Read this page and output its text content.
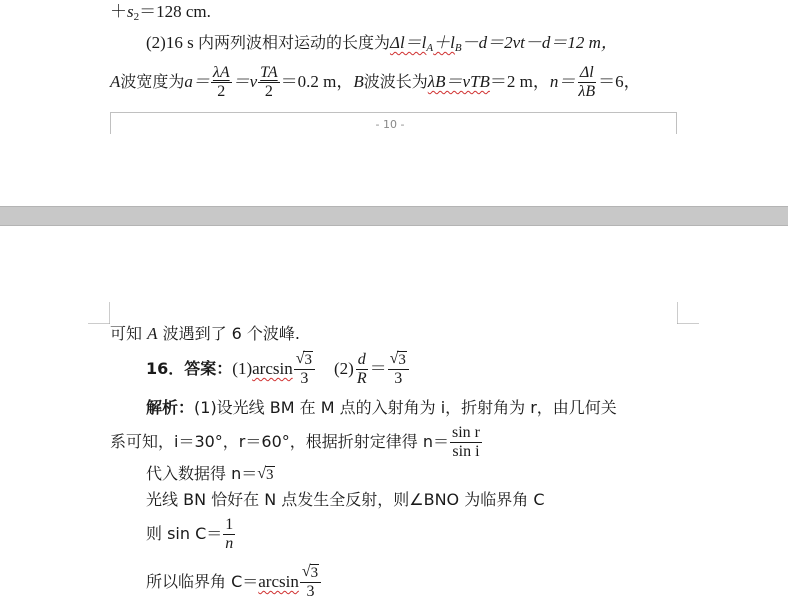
$+s_2=128$ cm.
(2)16 s 内两列波相对运动的长度为$\Delta l=l_A+l_B-d=2vt-d=12$ m，
A 波宽度为 $a= \frac{\lambda A}{2} =v \frac{TA}{2} =0.2$ m， B 波波长为 λB＝vTB ＝2 m， $n= \frac{\Delta l}{\lambda B} =6$，
- 10 -
可知 A 波遇到了 6 个波峰.
16．答案： (1) $\arcsin \frac{√ 3}{3} (2) \frac{d}{R} = \frac{√ 3}{3}$
解析：(1)设光线 BM 在 M 点的入射角为 i，折射角为 r，由几何关
系可知，i＝30°，r＝60°，根据折射定律得 $n= \frac{\text{sin r}}{\text{sin i}}$
代入数据得 n＝ √ 3
光线 BN 恰好在 N 点发生全反射，则∠BNO 为临界角 C
则 $\sin C= \frac{1}{n}$
所以临界角 $C= \arcsin \frac{√ 3}{3}$
